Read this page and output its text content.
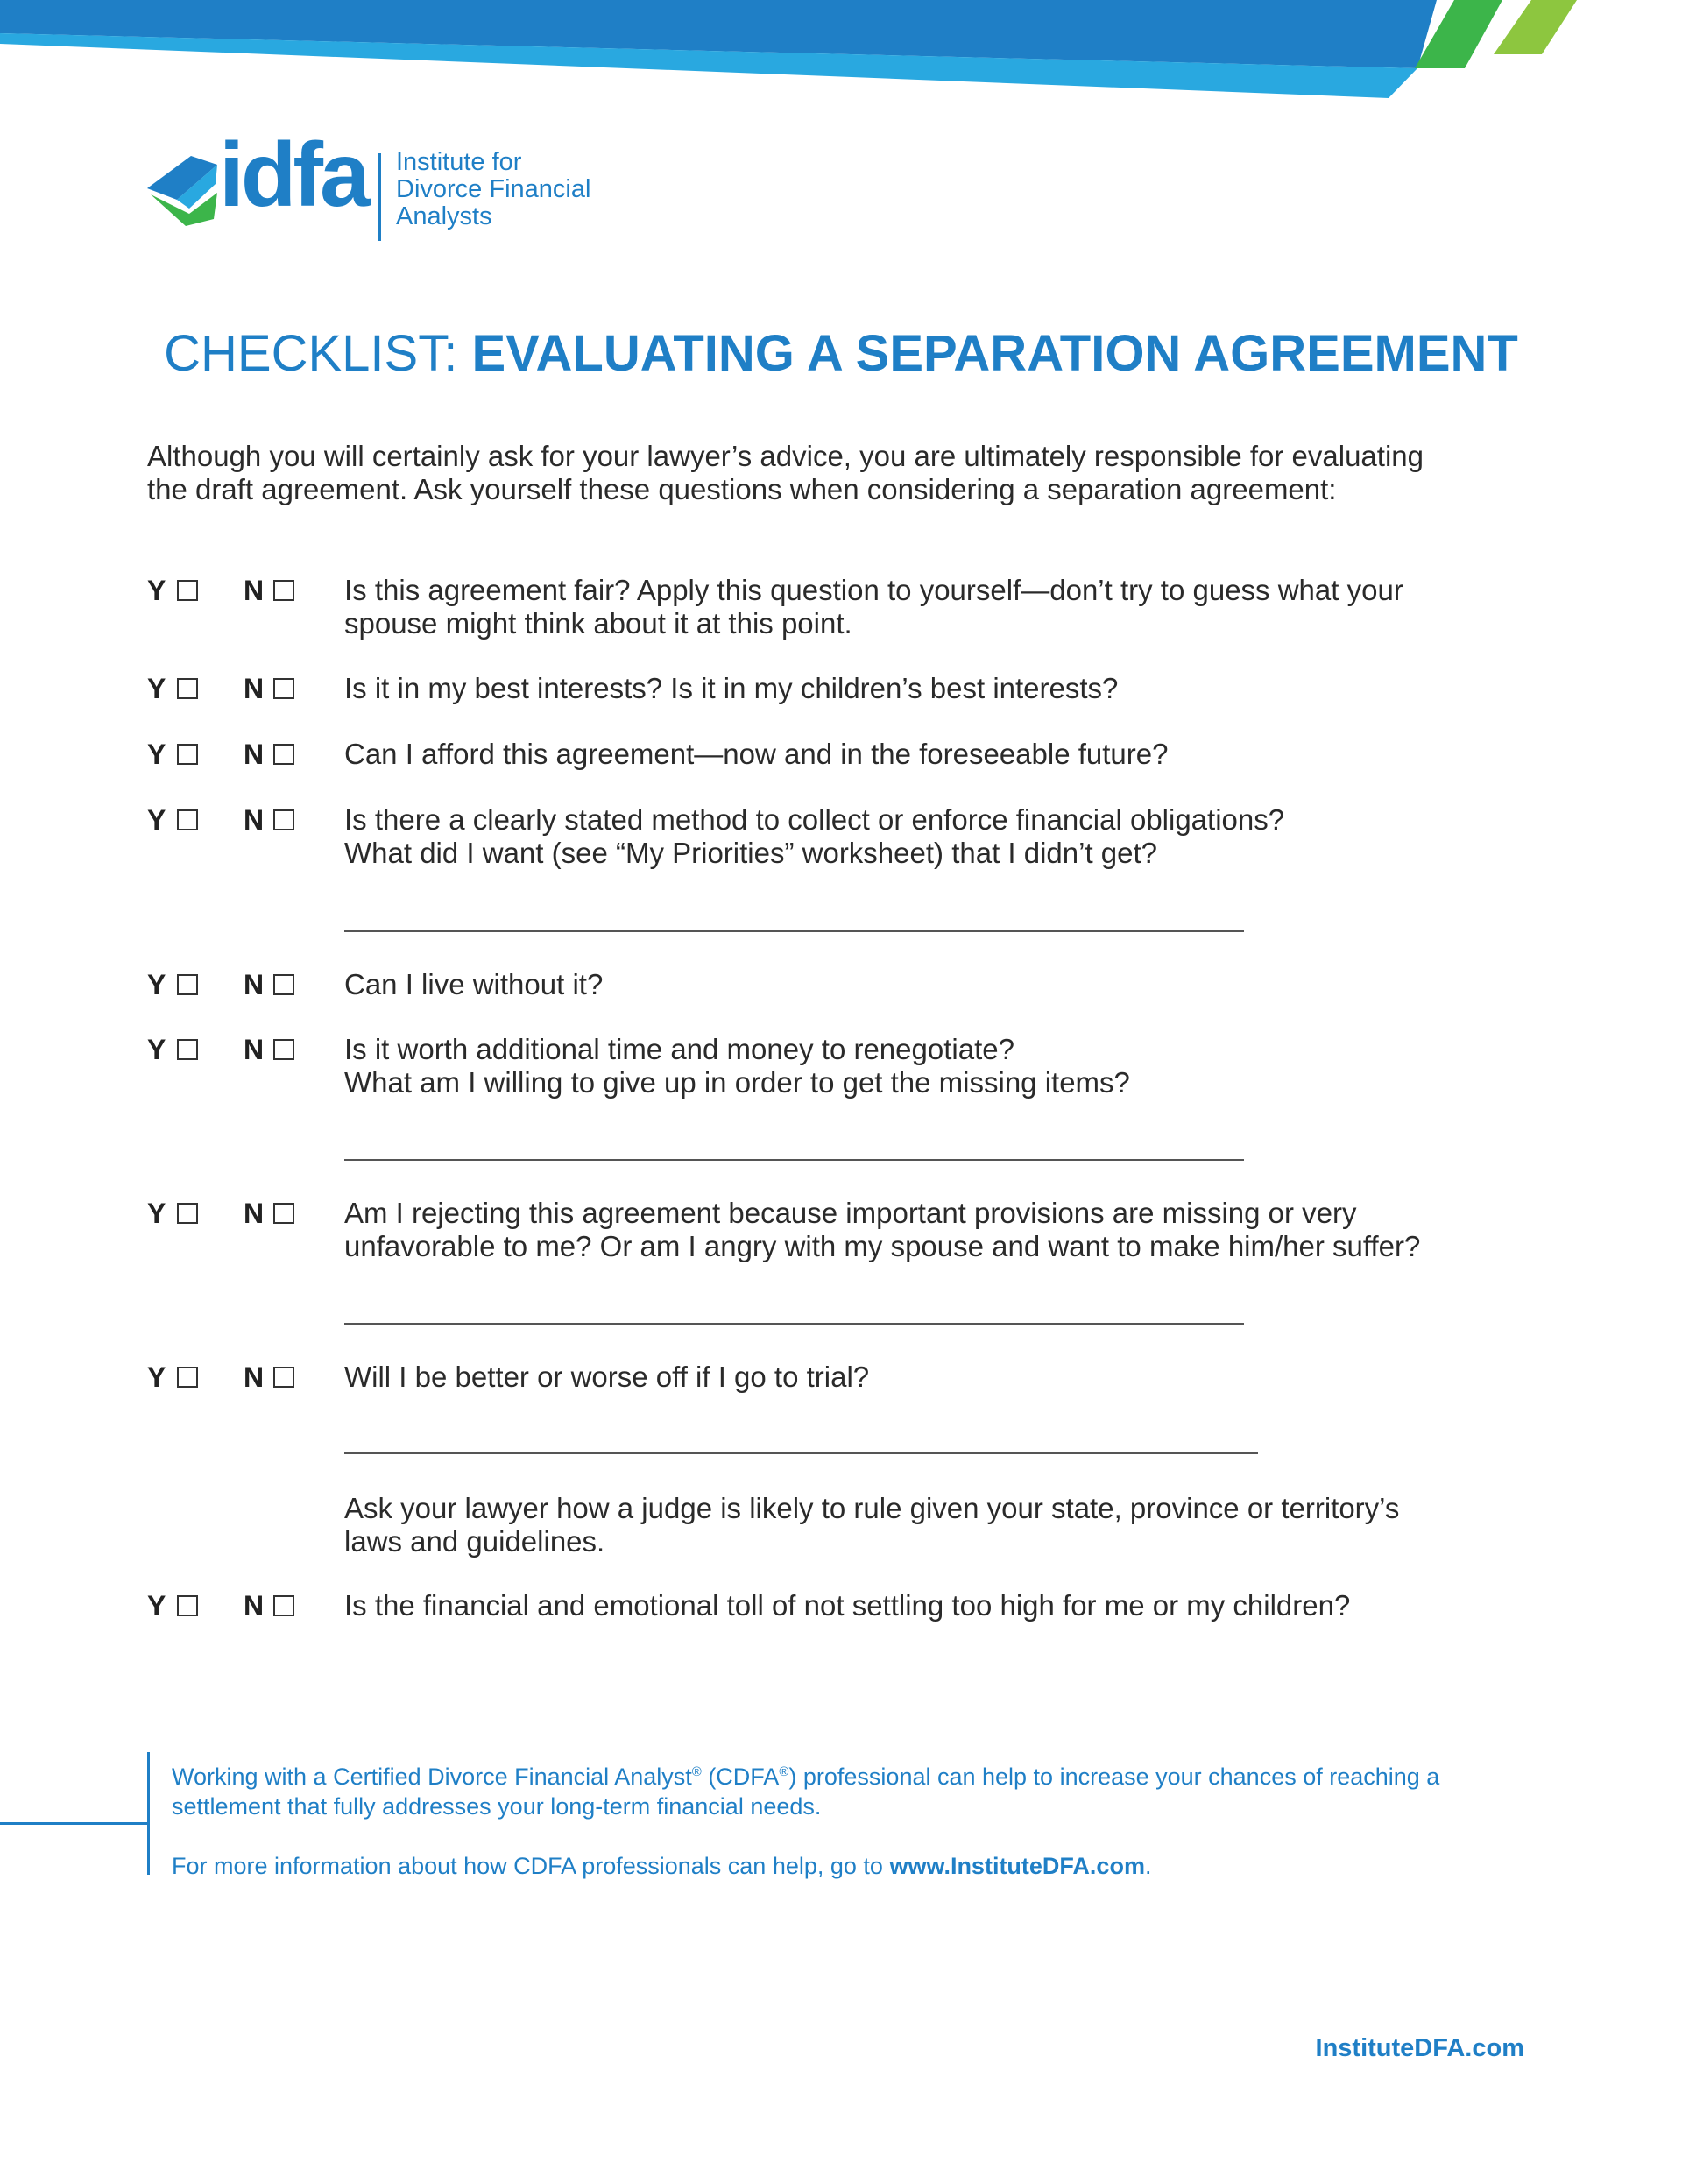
idfa Institute for
Divorce Financial
Analysts
CHECKLIST: EVALUATING A SEPARATION AGREEMENT
Although you will certainly ask for your lawyer’s advice, you are ultimately responsible for evaluating
the draft agreement. Ask yourself these questions when considering a separation agreement:
Y	N	Is this agreement fair? Apply this question to yourself—don’t try to guess what your
spouse might think about it at this point.
Y	N	Is it in my best interests? Is it in my children’s best interests?
Y	N	Can I afford this agreement—now and in the foreseeable future?
Y	N	Is there a clearly stated method to collect or enforce financial obligations?
What did I want (see “My Priorities” worksheet) that I didn’t get?
Y	N	Can I live without it?
Y	N	Is it worth additional time and money to renegotiate?
What am I willing to give up in order to get the missing items?
Y	N	Am I rejecting this agreement because important provisions are missing or very
unfavorable to me? Or am I angry with my spouse and want to make him/her suffer?
Y	N	Will I be better or worse off if I go to trial?
Ask your lawyer how a judge is likely to rule given your state, province or territory’s
laws and guidelines.
Y	N	Is the financial and emotional toll of not settling too high for me or my children?

Working with a Certified Divorce Financial Analyst® (CDFA®) professional can help to increase your chances of reaching a
settlement that fully addresses your long-term financial needs.

For more information about how CDFA professionals can help, go to www.InstituteDFA.com.

InstituteDFA.com
